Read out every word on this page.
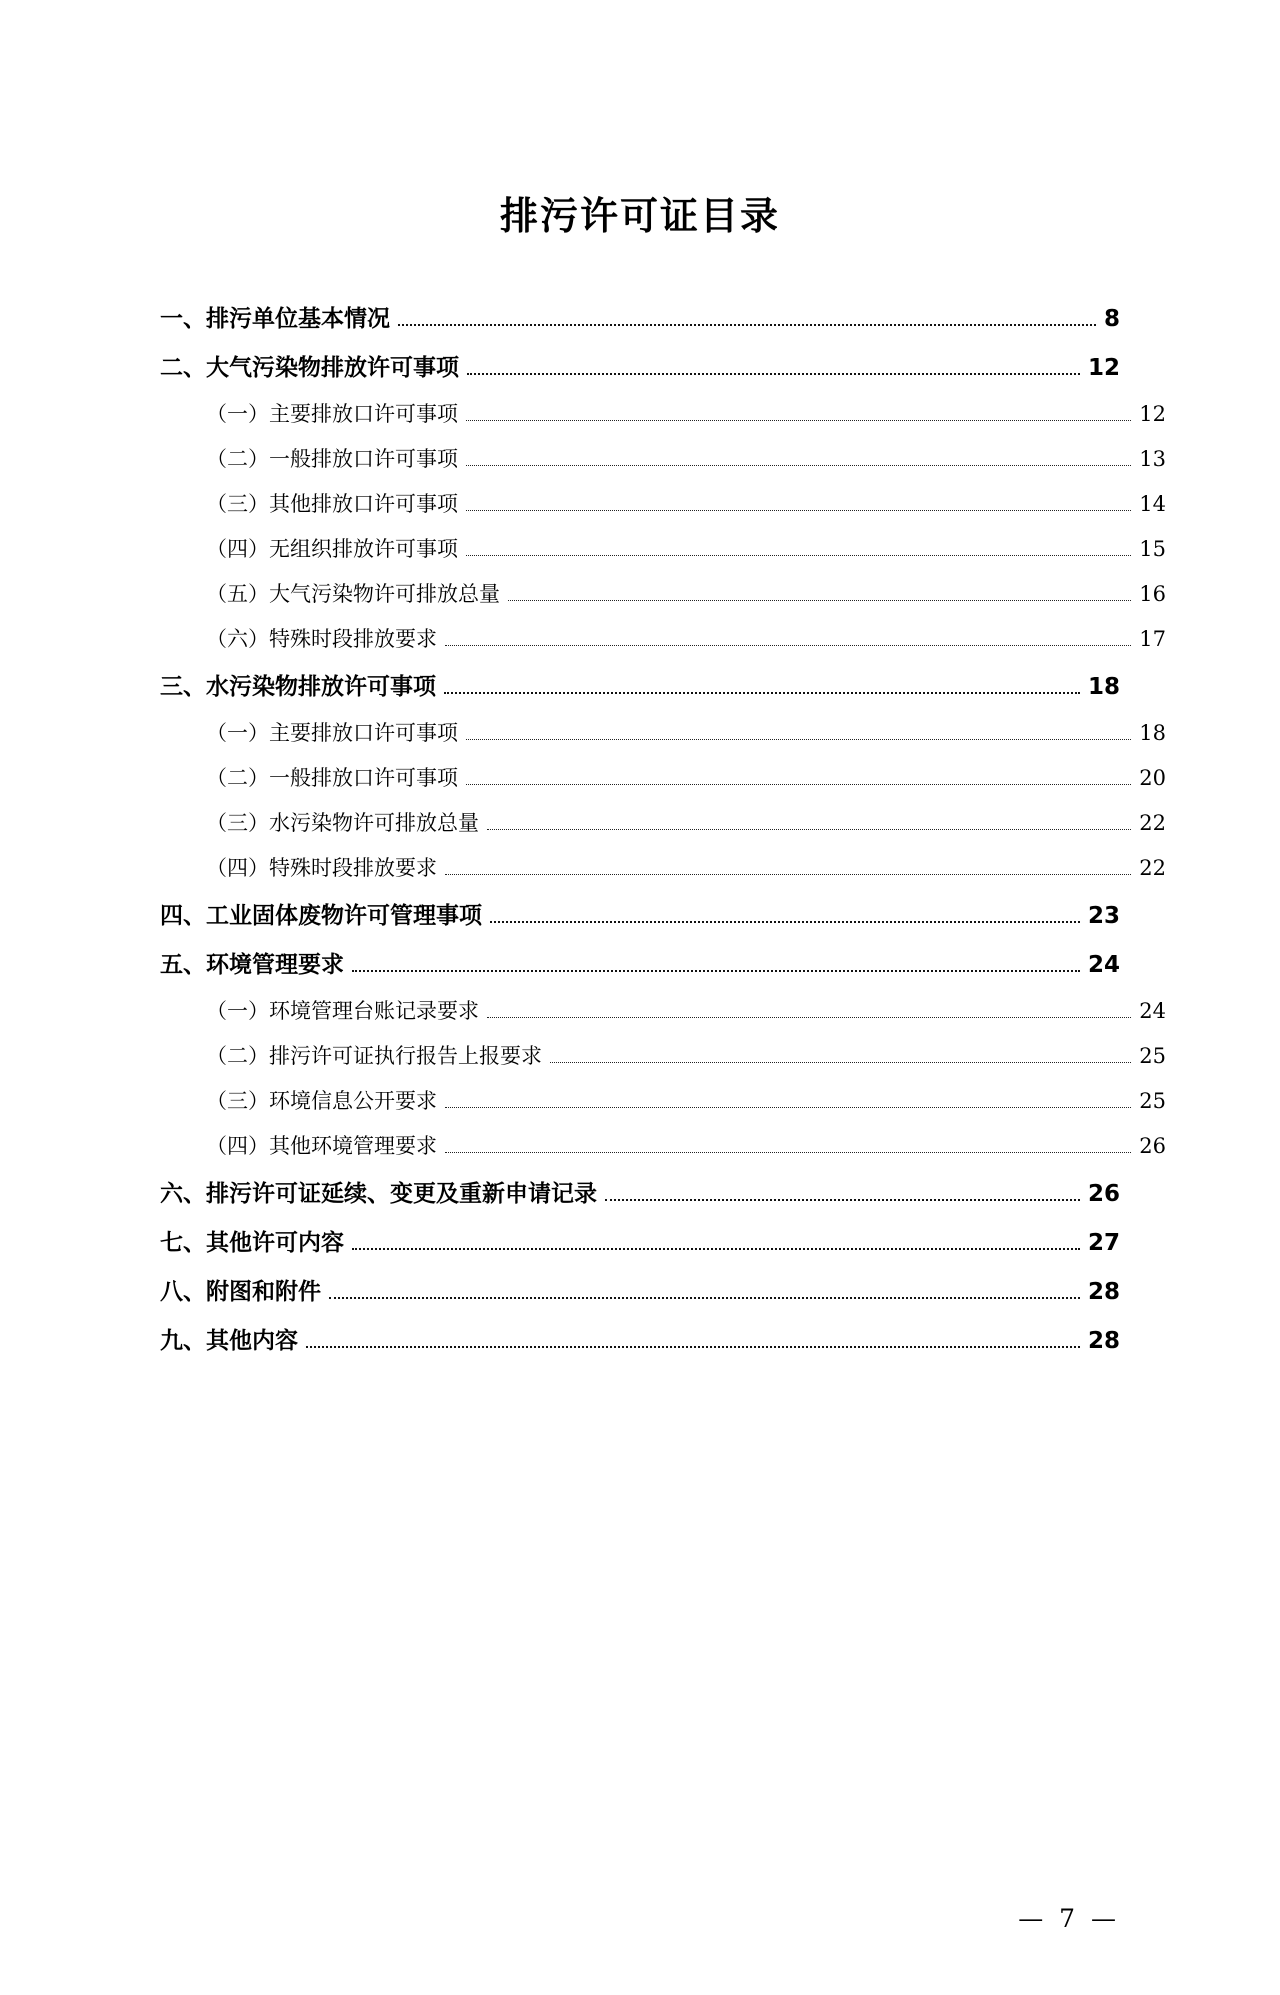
排污许可证目录
一、排污单位基本情况	8
二、大气污染物排放许可事项	12
（一）主要排放口许可事项	12
（二）一般排放口许可事项	13
（三）其他排放口许可事项	14
（四）无组织排放许可事项	15
（五）大气污染物许可排放总量	16
（六）特殊时段排放要求	17
三、水污染物排放许可事项	18
（一）主要排放口许可事项	18
（二）一般排放口许可事项	20
（三）水污染物许可排放总量	22
（四）特殊时段排放要求	22
四、工业固体废物许可管理事项	23
五、环境管理要求	24
（一）环境管理台账记录要求	24
（二）排污许可证执行报告上报要求	25
（三）环境信息公开要求	25
（四）其他环境管理要求	26
六、排污许可证延续、变更及重新申请记录	26
七、其他许可内容	27
八、附图和附件	28
九、其他内容	28
— 7 —
